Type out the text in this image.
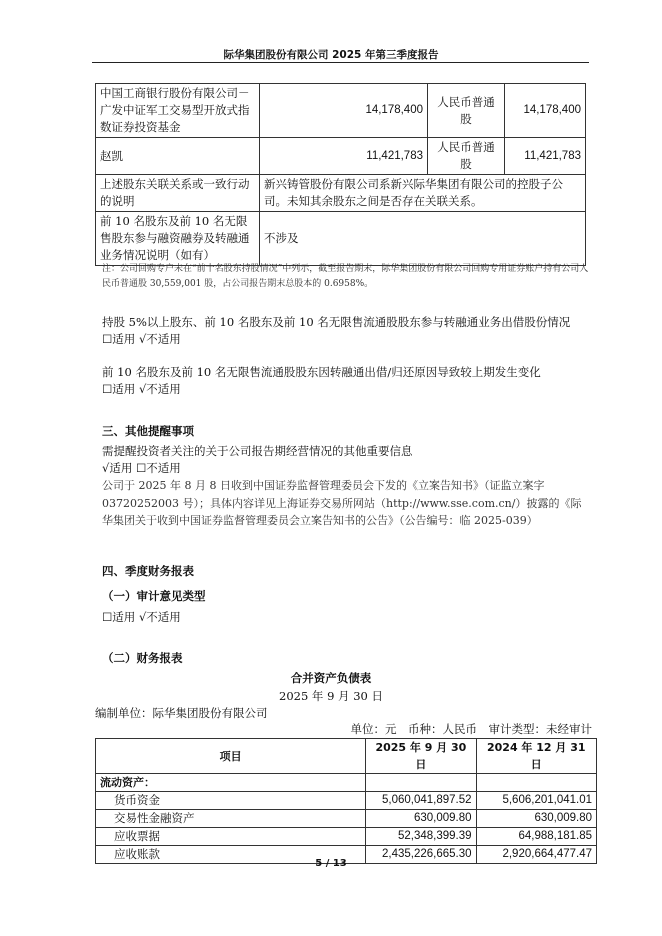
际华集团股份有限公司 2025 年第三季度报告
中国工商银行股份有限公司－广发中证军工交易型开放式指数证券投资基金	14,178,400	人民币普通股	14,178,400
赵凯	11,421,783	人民币普通股	11,421,783
上述股东关联关系或一致行动的说明	新兴铸管股份有限公司系新兴际华集团有限公司的控股子公司。未知其余股东之间是否存在关联关系。		
前 10 名股东及前 10 名无限售股东参与融资融券及转融通业务情况说明（如有）	不涉及		
注：公司回购专户未在“前十名股东持股情况”中列示，截至报告期末，际华集团股份有限公司回购专用证券账户持有公司人民币普通股 30,559,001 股，占公司报告期末总股本的 0.6958%。
持股 5%以上股东、前 10 名股东及前 10 名无限售流通股股东参与转融通业务出借股份情况
☐适用 √不适用
前 10 名股东及前 10 名无限售流通股股东因转融通出借/归还原因导致较上期发生变化
☐适用 √不适用
三、其他提醒事项
需提醒投资者关注的关于公司报告期经营情况的其他重要信息
√适用 ☐不适用
公司于 2025 年 8 月 8 日收到中国证券监督管理委员会下发的《立案告知书》（证监立案字 03720252003 号）；具体内容详见上海证券交易所网站（http://www.sse.com.cn/）披露的《际华集团关于收到中国证券监督管理委员会立案告知书的公告》（公告编号：临 2025-039）
四、季度财务报表
（一）审计意见类型
☐适用 √不适用
（二）财务报表
合并资产负债表
2025 年 9 月 30 日
编制单位：际华集团股份有限公司
单位：元　币种：人民币　审计类型：未经审计
项目	2025 年 9 月 30 日	2024 年 12 月 31 日
流动资产：		
货币资金	5,060,041,897.52	5,606,201,041.01
交易性金融资产	630,009.80	630,009.80
应收票据	52,348,399.39	64,988,181.85
应收账款	2,435,226,665.30	2,920,664,477.47
5 / 13
